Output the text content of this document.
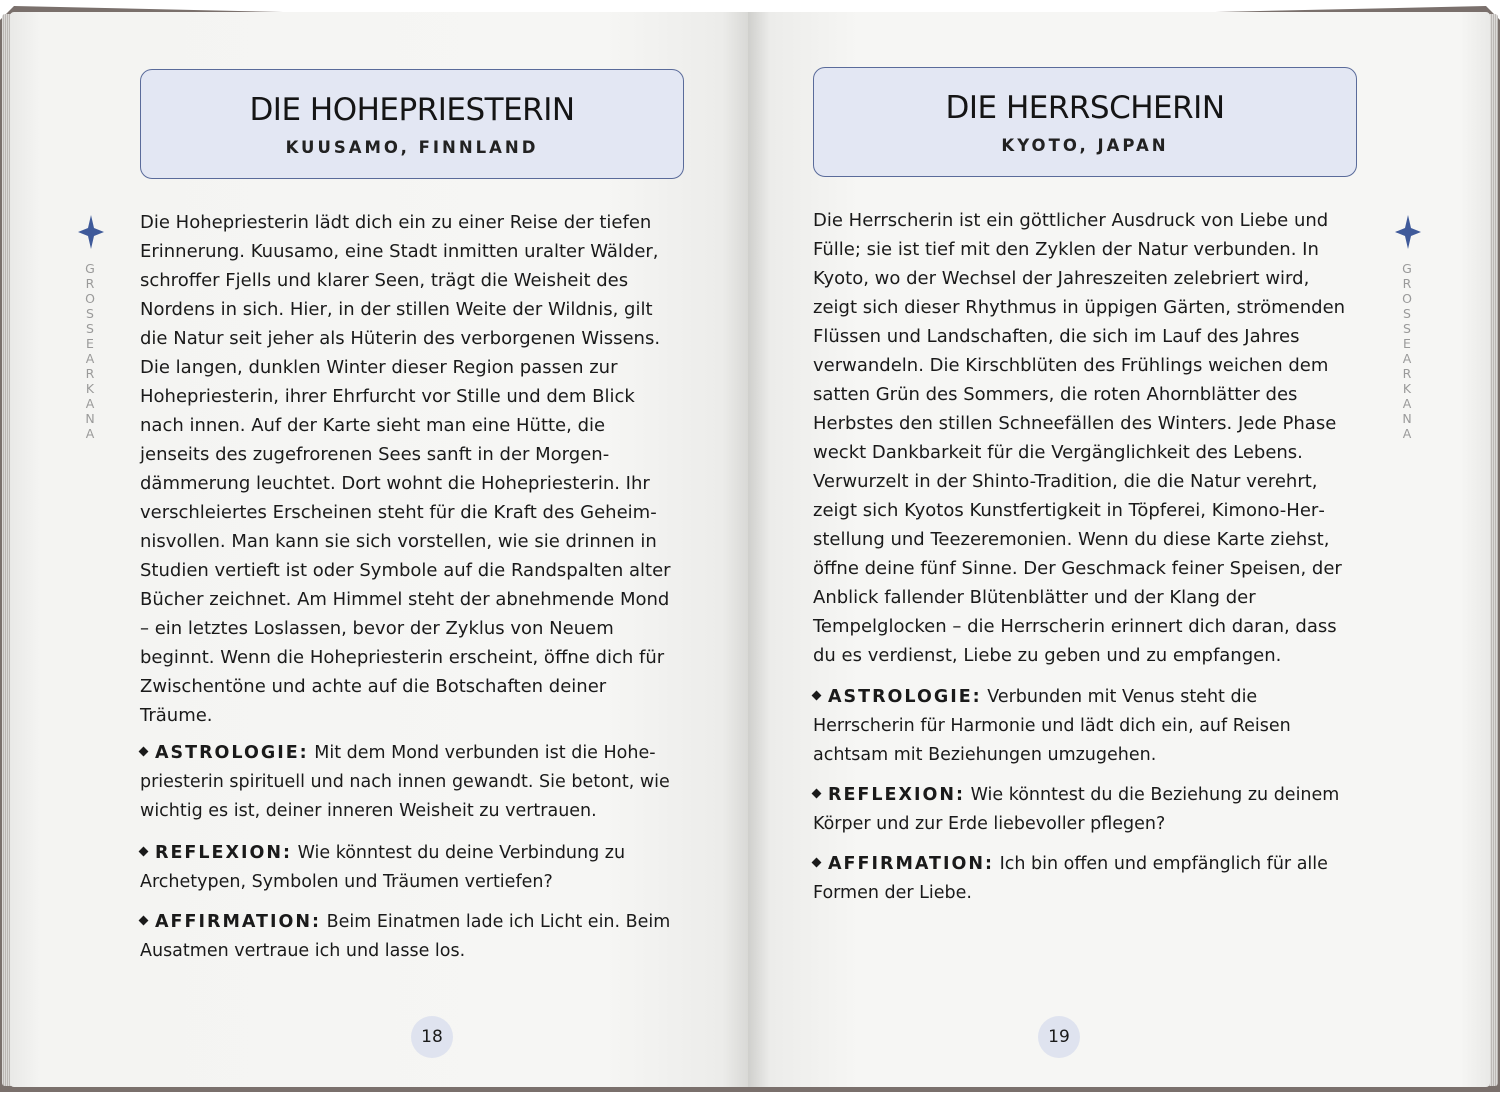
DIE HOHEPRIESTERIN
KUUSAMO, FINNLAND
GROSSE ARKANA

Die Hohepriesterin lädt dich ein zu einer Reise der tiefen Erinnerung. Kuusamo, eine Stadt inmitten uralter Wälder, schroffer Fjells und klarer Seen, trägt die Weisheit des Nordens in sich. Hier, in der stillen Weite der Wildnis, gilt die Natur seit jeher als Hüterin des verborgenen Wissens. Die langen, dunklen Winter dieser Region passen zur Hohepriesterin, ihrer Ehrfurcht vor Stille und dem Blick nach innen. Auf der Karte sieht man eine Hütte, die jenseits des zugefrorenen Sees sanft in der Morgendämmerung leuchtet. Dort wohnt die Hohepriesterin. Ihr verschleiertes Erscheinen steht für die Kraft des Geheimnisvollen. Man kann sie sich vorstellen, wie sie drinnen in Studien vertieft ist oder Symbole auf die Randspalten alter Bücher zeichnet. Am Himmel steht der abnehmende Mond – ein letztes Loslassen, bevor der Zyklus von Neuem beginnt. Wenn die Hohepriesterin erscheint, öffne dich für Zwischentöne und achte auf die Botschaften deiner Träume.

ASTROLOGIE: Mit dem Mond verbunden ist die Hohepriesterin spirituell und nach innen gewandt. Sie betont, wie wichtig es ist, deiner inneren Weisheit zu vertrauen.

REFLEXION: Wie könntest du deine Verbindung zu Archetypen, Symbolen und Träumen vertiefen?

AFFIRMATION: Beim Einatmen lade ich Licht ein. Beim Ausatmen vertraue ich und lasse los.

18
DIE HERRSCHERIN
KYOTO, JAPAN
GROSSE ARKANA

Die Herrscherin ist ein göttlicher Ausdruck von Liebe und Fülle; sie ist tief mit den Zyklen der Natur verbunden. In Kyoto, wo der Wechsel der Jahreszeiten zelebriert wird, zeigt sich dieser Rhythmus in üppigen Gärten, strömenden Flüssen und Landschaften, die sich im Lauf des Jahres verwandeln. Die Kirschblüten des Frühlings weichen dem satten Grün des Sommers, die roten Ahornblätter des Herbstes den stillen Schneefällen des Winters. Jede Phase weckt Dankbarkeit für die Vergänglichkeit des Lebens. Verwurzelt in der Shinto-Tradition, die die Natur verehrt, zeigt sich Kyotos Kunstfertigkeit in Töpferei, Kimono-Herstellung und Teezeremonien. Wenn du diese Karte ziehst, öffne deine fünf Sinne. Der Geschmack feiner Speisen, der Anblick fallender Blütenblätter und der Klang der Tempelglocken – die Herrscherin erinnert dich daran, dass du es verdienst, Liebe zu geben und zu empfangen.

ASTROLOGIE: Verbunden mit Venus steht die Herrscherin für Harmonie und lädt dich ein, auf Reisen achtsam mit Beziehungen umzugehen.

REFLEXION: Wie könntest du die Beziehung zu deinem Körper und zur Erde liebevoller pflegen?

AFFIRMATION: Ich bin offen und empfänglich für alle Formen der Liebe.

19
